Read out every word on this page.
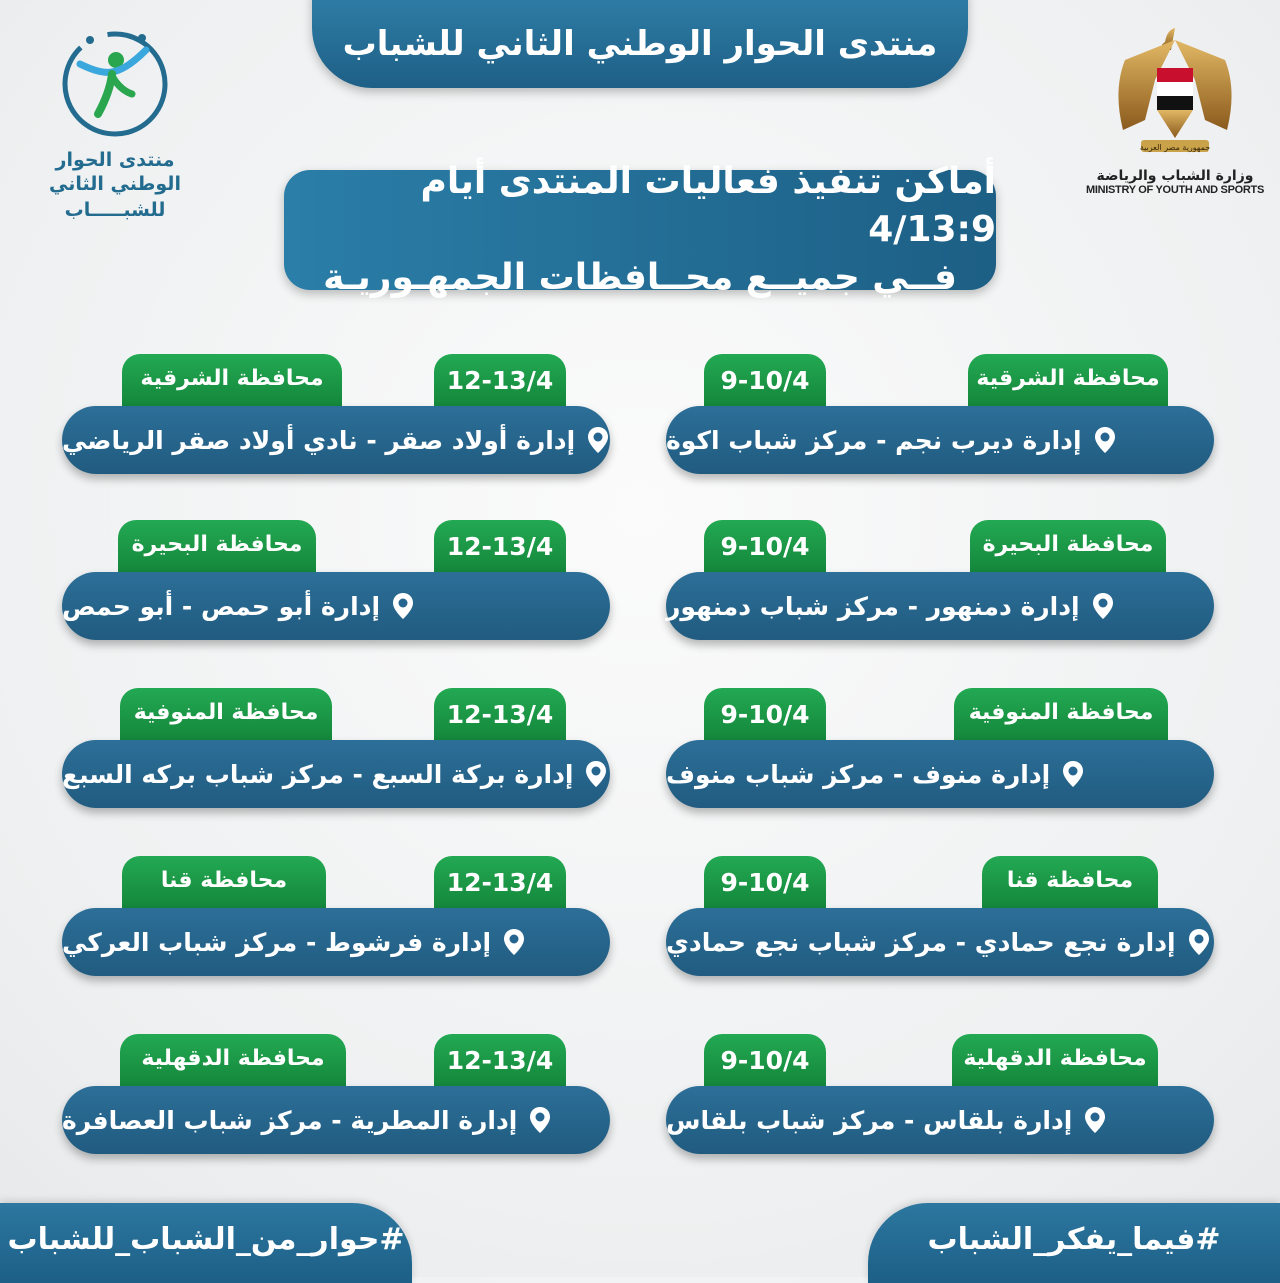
منتدى الحوار الوطني الثاني للشباب
منتدى الحوار الوطني الثاني
للشبـــــاب
جمهورية مصر العربية
وزارة الشباب والرياضة
MINISTRY OF YOUTH AND SPORTS
أماكن تنفيذ فعاليات المنتدى أيام 4/13:9
فــي جميــع محــافظات الجمهـوريـة
محافظة الشرقية
9-10/4
إدارة ديرب نجم - مركز شباب اكوة
محافظة البحيرة
9-10/4
إدارة دمنهور - مركز شباب دمنهور
محافظة المنوفية
9-10/4
إدارة منوف - مركز شباب منوف
محافظة قنا
9-10/4
إدارة نجع حمادي - مركز شباب نجع حمادي
محافظة الدقهلية
9-10/4
إدارة بلقاس - مركز شباب بلقاس
محافظة الشرقية	12-13/4
إدارة أولاد صقر - نادي أولاد صقر الرياضي
محافظة البحيرة	12-13/4
إدارة أبو حمص - أبو حمص
محافظة المنوفية	12-13/4
إدارة بركة السبع - مركز شباب بركه السبع
محافظة قنا	12-13/4
إدارة فرشوط - مركز شباب العركي
محافظة الدقهلية	12-13/4
إدارة المطرية - مركز شباب العصافرة
#حوار_من_الشباب_للشباب	#فيما_يفكر_الشباب
